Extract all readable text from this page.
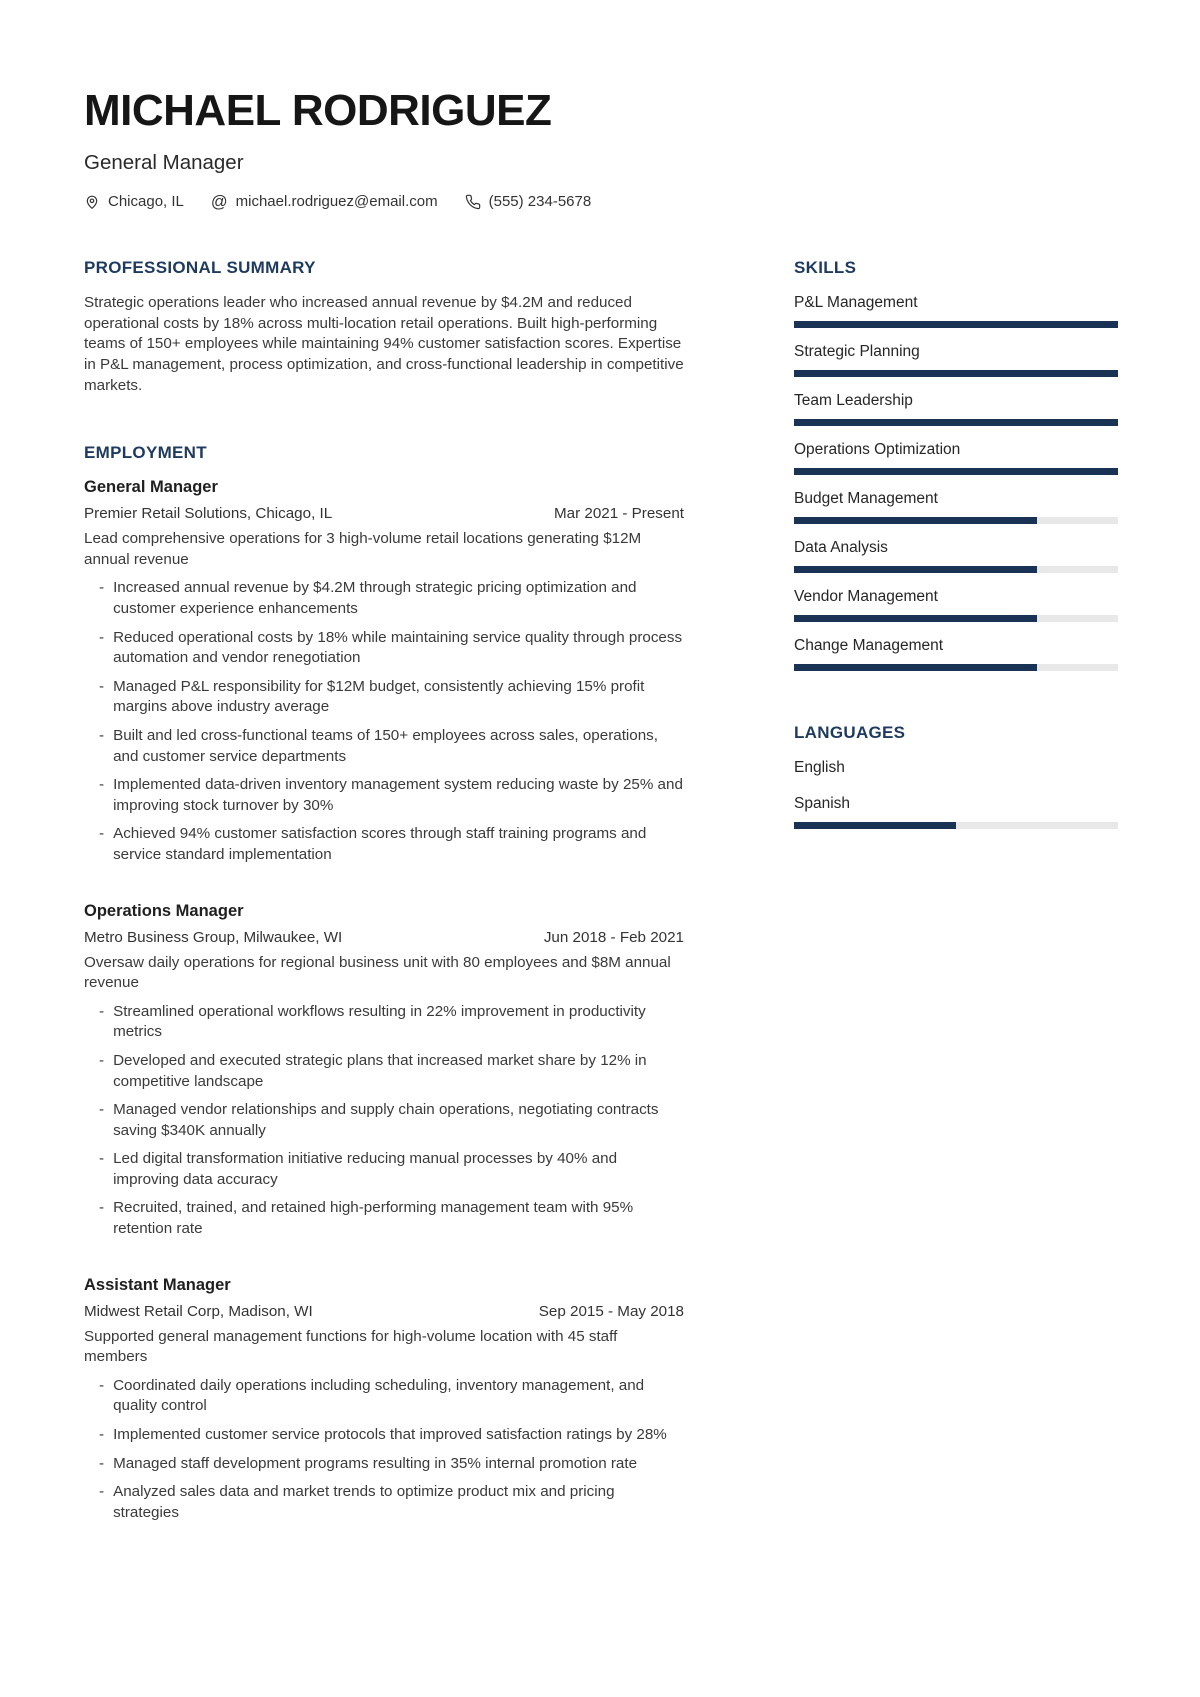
MICHAEL RODRIGUEZ
General Manager
Chicago, IL @ michael.rodriguez@email.com	(555) 234-5678
PROFESSIONAL SUMMARY

Strategic operations leader who increased annual revenue by $4.2M and reduced operational costs by 18% across multi-location retail operations. Built high-performing teams of 150+ employees while maintaining 94% customer satisfaction scores. Expertise in P&L management, process optimization, and cross-functional leadership in competitive markets.

EMPLOYMENT
General Manager
Premier Retail Solutions, Chicago, IL	Mar 2021 - Present
Lead comprehensive operations for 3 high-volume retail locations generating $12M annual revenue
- Increased annual revenue by $4.2M through strategic pricing optimization and customer experience enhancements
- Reduced operational costs by 18% while maintaining service quality through process automation and vendor renegotiation
- Managed P&L responsibility for $12M budget, consistently achieving 15% profit margins above industry average
- Built and led cross-functional teams of 150+ employees across sales, operations, and customer service departments
- Implemented data-driven inventory management system reducing waste by 25% and improving stock turnover by 30%
- Achieved 94% customer satisfaction scores through staff training programs and service standard implementation
Operations Manager
Metro Business Group, Milwaukee, WI	Jun 2018 - Feb 2021
Oversaw daily operations for regional business unit with 80 employees and $8M annual revenue
- Streamlined operational workflows resulting in 22% improvement in productivity metrics
- Developed and executed strategic plans that increased market share by 12% in competitive landscape
- Managed vendor relationships and supply chain operations, negotiating contracts saving $340K annually
- Led digital transformation initiative reducing manual processes by 40% and improving data accuracy
- Recruited, trained, and retained high-performing management team with 95% retention rate
Assistant Manager
Midwest Retail Corp, Madison, WI	Sep 2015 - May 2018
Supported general management functions for high-volume location with 45 staff members
- Coordinated daily operations including scheduling, inventory management, and quality control
- Implemented customer service protocols that improved satisfaction ratings by 28%
- Managed staff development programs resulting in 35% internal promotion rate
- Analyzed sales data and market trends to optimize product mix and pricing strategies
SKILLS
P&L Management
Strategic Planning
Team Leadership
Operations Optimization
Budget Management
Data Analysis
Vendor Management
Change Management
LANGUAGES
English
Spanish
